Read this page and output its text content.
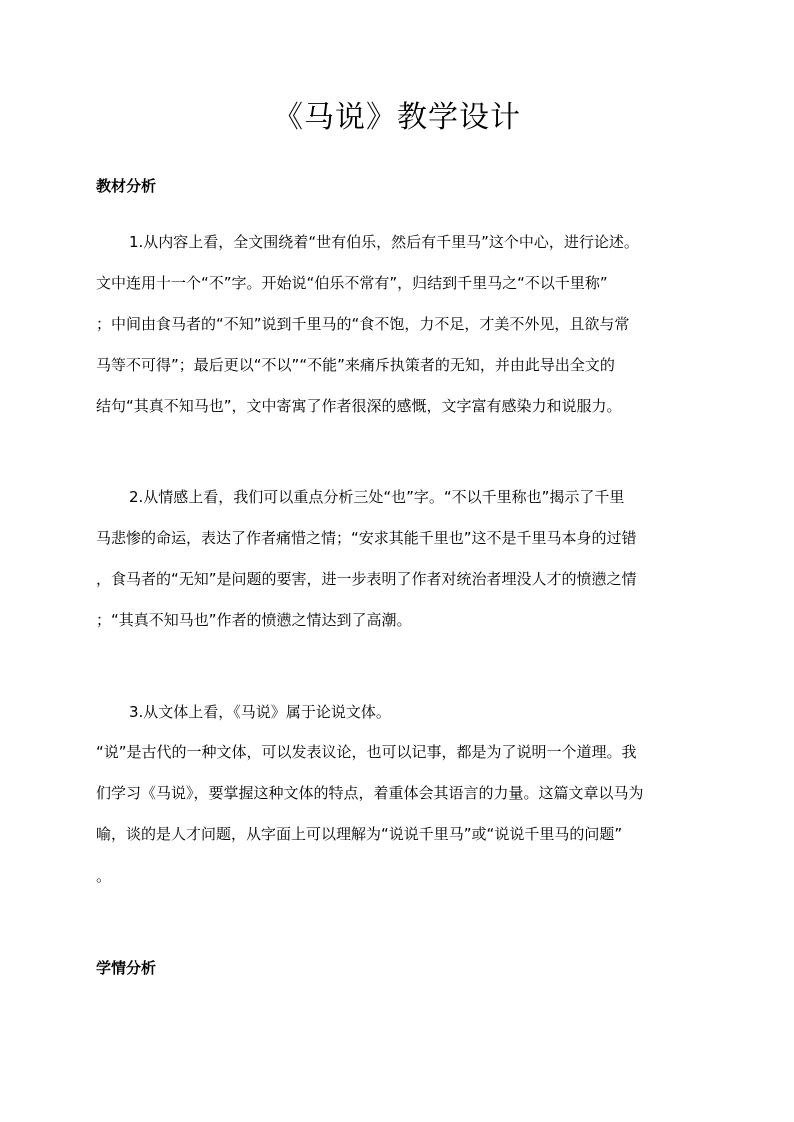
《马说》教学设计
教材分析
1.从内容上看，全文围绕着“世有伯乐，然后有千里马”这个中心，进行论述。
文中连用十一个“不”字。开始说“伯乐不常有”，归结到千里马之“不以千里称”
；中间由食马者的“不知”说到千里马的“食不饱，力不足，才美不外见，且欲与常
马等不可得”；最后更以“不以”“不能”来痛斥执策者的无知，并由此导出全文的
结句“其真不知马也”，文中寄寓了作者很深的感慨，文字富有感染力和说服力。
2.从情感上看，我们可以重点分析三处“也”字。“不以千里称也”揭示了千里
马悲惨的命运，表达了作者痛惜之情；“安求其能千里也”这不是千里马本身的过错
，食马者的“无知”是问题的要害，进一步表明了作者对统治者埋没人才的愤懑之情
；“其真不知马也”作者的愤懑之情达到了高潮。
3.从文体上看，《马说》属于论说文体。
“说”是古代的一种文体，可以发表议论，也可以记事，都是为了说明一个道理。我
们学习《马说》，要掌握这种文体的特点，着重体会其语言的力量。这篇文章以马为
喻，谈的是人才问题，从字面上可以理解为“说说千里马”或“说说千里马的问题”
。
学情分析
